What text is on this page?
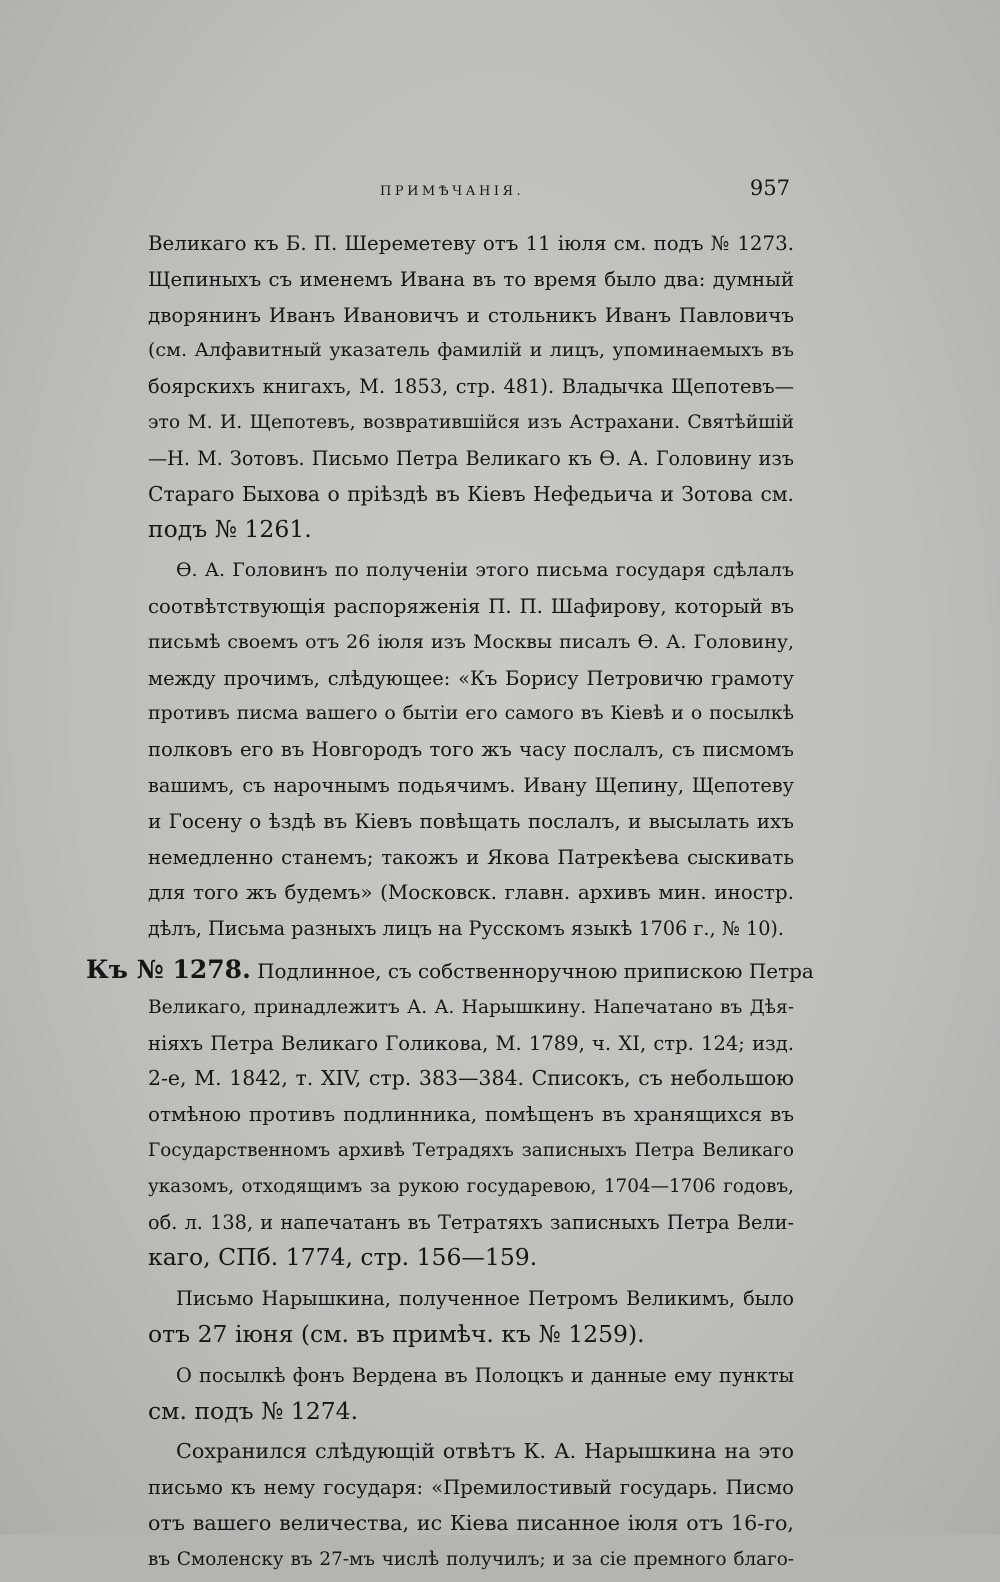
ПРИМѢЧАНІЯ.	957
Великаго къ Б. П. Шереметеву отъ 11 іюля см. подъ № 1273.
Щепиныхъ съ именемъ Ивана въ то время было два: думный
дворянинъ Иванъ Ивановичъ и стольникъ Иванъ Павловичъ
(см. Алфавитный указатель фамилій и лицъ, упоминаемыхъ въ
боярскихъ книгахъ, М. 1853, стр. 481). Владычка Щепотевъ—
это М. И. Щепотевъ, возвратившійся изъ Астрахани. Святѣйшій
—Н. М. Зотовъ. Письмо Петра Великаго къ Ѳ. А. Головину изъ
Стараго Быхова о пріѣздѣ въ Кіевъ Нефедьича и Зотова см.
подъ № 1261.
Ѳ. А. Головинъ по полученіи этого письма государя сдѣлалъ
соотвѣтствующія распоряженія П. П. Шафирову, который въ
письмѣ своемъ отъ 26 іюля изъ Москвы писалъ Ѳ. А. Головину,
между прочимъ, слѣдующее: «Къ Борису Петровичю грамоту
противъ писма вашего о бытіи его самого въ Кіевѣ и о посылкѣ
полковъ его въ Новгородъ того жъ часу послалъ, съ писмомъ
вашимъ, съ нарочнымъ подьячимъ. Ивану Щепину, Щепотеву
и Госену о ѣздѣ въ Кіевъ повѣщать послалъ, и высылать ихъ
немедленно станемъ; такожъ и Якова Патрекѣева сыскивать
для того жъ будемъ» (Московск. главн. архивъ мин. иностр.
дѣлъ, Письма разныхъ лицъ на Русскомъ языкѣ 1706 г., № 10).
Къ № 1278. Подлинное, съ собственноручною припискою Петра
Великаго, принадлежитъ А. А. Нарышкину. Напечатано въ Дѣя-
ніяхъ Петра Великаго Голикова, М. 1789, ч. XI, стр. 124; изд.
2-е, М. 1842, т. XIV, стр. 383—384. Списокъ, съ небольшою
отмѣною противъ подлинника, помѣщенъ въ хранящихся въ
Государственномъ архивѣ Тетрадяхъ записныхъ Петра Великаго
указомъ, отходящимъ за рукою государевою, 1704—1706 годовъ,
об. л. 138, и напечатанъ въ Тетратяхъ записныхъ Петра Вели-
каго, СПб. 1774, стр. 156—159.
Письмо Нарышкина, полученное Петромъ Великимъ, было
отъ 27 іюня (см. въ примѣч. къ № 1259).
О посылкѣ фонъ Вердена въ Полоцкъ и данные ему пункты
см. подъ № 1274.
Сохранился слѣдующій отвѣтъ К. А. Нарышкина на это
письмо къ нему государя: «Премилостивый государь. Писмо
отъ вашего величества, ис Кіева писанное іюля отъ 16-го,
въ Смоленску въ 27-мъ числѣ получилъ; и за сіе премного благо-
